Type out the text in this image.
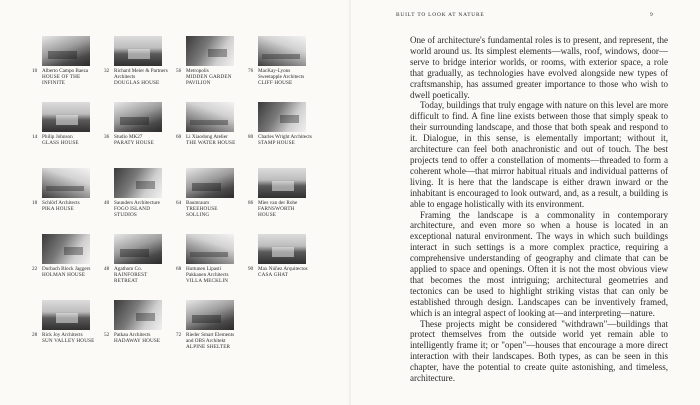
10 Alberto Campo Baeza
HOUSE OF THE INFINITE
32 Richard Meier & Partners Architects
DOUGLAS HOUSE
56 Metropolis
MIDDEN GARDEN PAVILION
76 MacKay-Lyons Sweetapple Architects
CLIFF HOUSE
14 Philip Johnson
GLASS HOUSE
36 Studio MK27
PARATY HOUSE
60 Li Xiaodong Atelier
THE WATER HOUSE
80 Charles Wright Architects
STAMP HOUSE
18 Schlörf Architects
PIKA HOUSE
40 Saunders Architecture
FOGO ISLAND STUDIOS
64 Baumraum
TREEHOUSE SOLLING
86 Mies van der Rohe
FARNSWORTH HOUSE
22 Durbach Block Jaggers
HOLMAN HOUSE
48 Agathom Co.
RAINFOREST RETREAT
68 Huttunen Lipasti Pakkanen Architects
VILLA MECKLIN
90 Max Núñez Arquitectos
CASA GHAT
28 Rick Joy Architects
SUN VALLEY HOUSE
52 Patkau Architects
HADAWAY HOUSE
72 Rieder Smart Elements and OBS Architekt
ALPINE SHELTER
BUILT TO LOOK AT NATURE	9

One of architecture's fundamental roles is to present, and represent, the world around us. Its simplest elements—walls, roof, windows, door—serve to bridge interior worlds, or rooms, with exterior space, a role that gradually, as technologies have evolved alongside new types of craftsmanship, has assumed greater importance to those who wish to dwell poetically.

Today, buildings that truly engage with nature on this level are more difficult to find. A fine line exists between those that simply speak to their surrounding landscape, and those that both speak and respond to it. Dialogue, in this sense, is elementally important; without it, architecture can feel both anachronistic and out of touch. The best projects tend to offer a constellation of moments—threaded to form a coherent whole—that mirror habitual rituals and individual patterns of living. It is here that the landscape is either drawn inward or the inhabitant is encouraged to look outward, and, as a result, a building is able to engage holistically with its environment.

Framing the landscape is a commonality in contemporary architecture, and even more so when a house is located in an exceptional natural environment. The ways in which such buildings interact in such settings is a more complex practice, requiring a comprehensive understanding of geography and climate that can be applied to space and openings. Often it is not the most obvious view that becomes the most intriguing; architectural geometries and tectonics can be used to highlight striking vistas that can only be established through design. Landscapes can be inventively framed, which is an integral aspect of looking at—and interpreting—nature.

These projects might be considered "withdrawn"—buildings that protect themselves from the outside world yet remain able to intelligently frame it; or "open"—houses that encourage a more direct interaction with their landscapes. Both types, as can be seen in this chapter, have the potential to create quite astonishing, and timeless, architecture.
